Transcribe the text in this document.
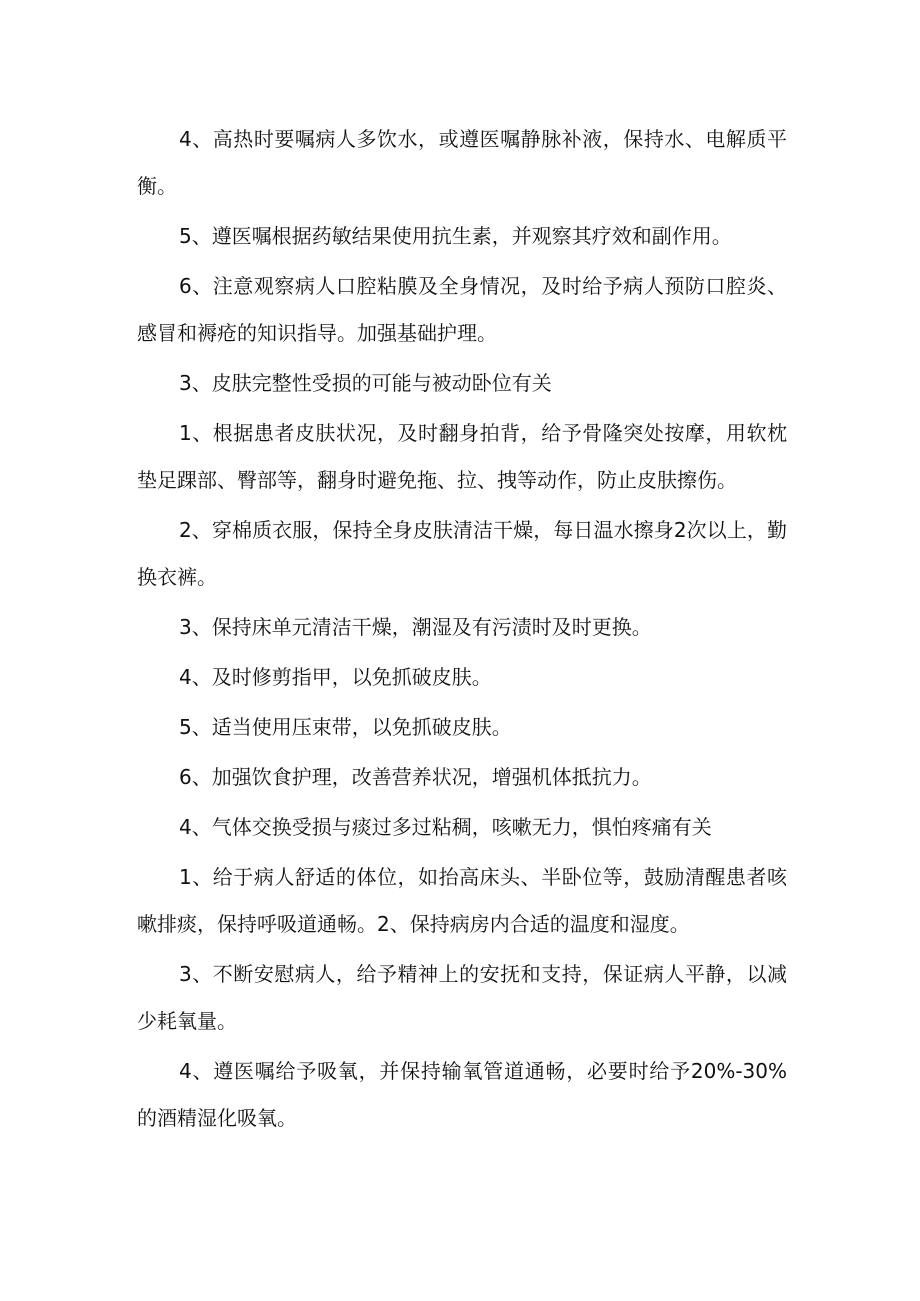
4、高热时要嘱病人多饮水，或遵医嘱静脉补液，保持水、电解质平衡。

5、遵医嘱根据药敏结果使用抗生素，并观察其疗效和副作用。

6、注意观察病人口腔粘膜及全身情况，及时给予病人预防口腔炎、感冒和褥疮的知识指导。加强基础护理。

3、皮肤完整性受损的可能与被动卧位有关

1、根据患者皮肤状况，及时翻身拍背，给予骨隆突处按摩，用软枕垫足踝部、臀部等，翻身时避免拖、拉、拽等动作，防止皮肤擦伤。

2、穿棉质衣服，保持全身皮肤清洁干燥，每日温水擦身2次以上，勤换衣裤。

3、保持床单元清洁干燥，潮湿及有污渍时及时更换。

4、及时修剪指甲，以免抓破皮肤。

5、适当使用压束带，以免抓破皮肤。

6、加强饮食护理，改善营养状况，增强机体抵抗力。

4、气体交换受损与痰过多过粘稠，咳嗽无力，惧怕疼痛有关

1、给于病人舒适的体位，如抬高床头、半卧位等，鼓励清醒患者咳嗽排痰，保持呼吸道通畅。2、保持病房内合适的温度和湿度。

3、不断安慰病人，给予精神上的安抚和支持，保证病人平静，以减少耗氧量。

4、遵医嘱给予吸氧，并保持输氧管道通畅，必要时给予20%-30%的酒精湿化吸氧。
